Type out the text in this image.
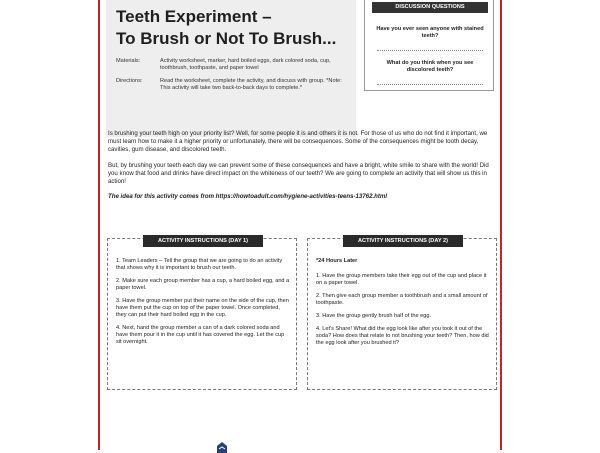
Teeth Experiment –
To Brush or Not To Brush...
Materials:	Activity worksheet, marker, hard boiled eggs, dark colored soda, cup, toothbrush, toothpaste, and paper towel
Directions:	Read the worksheet, complete the activity, and discuss with group. *Note: This activity will take two back-to-back days to complete.*
DISCUSSION QUESTIONS
Have you ever seen anyone with stained teeth?
What do you think when you see discolored teeth?

Is brushing your teeth high on your priority list? Well, for some people it is and others it is not. For those of us who do not find it important, we must learn how to make it a higher priority or unfortunately, there will be consequences. Some of the consequences might be tooth decay, cavities, gum disease, and discolored teeth.

But, by brushing your teeth each day we can prevent some of these consequences and have a bright, white smile to share with the world! Did you know that food and drinks have direct impact on the whiteness of our teeth? We are going to complete an activity that will show us this in action!

The idea for this activity comes from https://howtoadult.com/hygiene-activities-teens-13762.html

ACTIVITY INSTRUCTIONS (DAY 1)

1. Team Leaders – Tell the group that we are going to do an activity that shows why it is important to brush our teeth.

2. Make sure each group member has a cup, a hard boiled egg, and a paper towel.

3. Have the group member put their name on the side of the cup, then have them put the cup on top of the paper towel. Once completed, they can put their hard boiled egg in the cup.

4. Next, hand the group member a can of a dark colored soda and have them pour it in the cup until it has covered the egg. Let the cup sit overnight.

ACTIVITY INSTRUCTIONS (DAY 2)

*24 Hours Later

1. Have the group members take their egg out of the cup and place it on a paper towel.

2. Then give each group member a toothbrush and a small amount of toothpaste.

3. Have the group gently brush half of the egg.

4. Let's Share! What did the egg look like after you took it out of the soda? How does that relate to not brushing your teeth? Then, how did the egg look after you brushed it?
